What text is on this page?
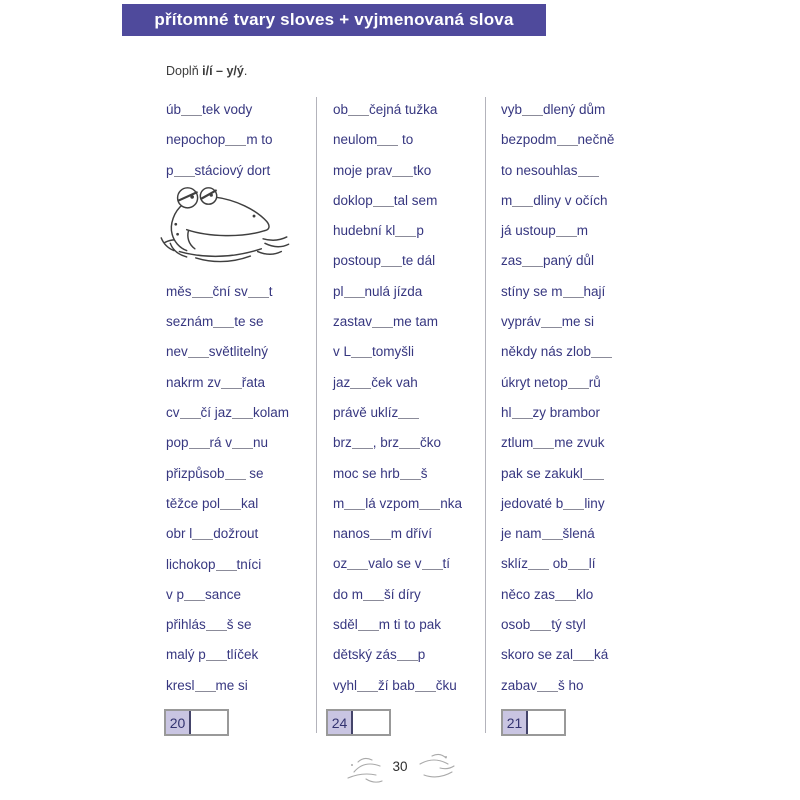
přítomné tvary sloves + vyjmenovaná slova
Doplň i/í – y/ý.
úb tek vody
nepochop m to
p stáciový dort
měs ční sv t
seznám te se
nev světlitelný
nakrm zv řata
cv čí jaz kolam
pop rá v nu
přizpůsob se
těžce pol kal
obr l dožrout
lichokop tníci
v p sance
přihlás š se
malý p tlíček
kresl me si
ob čejná tužka
neulom to
moje prav tko
doklop tal sem
hudební kl p
postoup te dál
pl nulá jízda
zastav me tam
v L tomyšli
jaz ček vah
právě uklíz
brz , brz čko
moc se hrb š
m lá vzpom nka
nanos m dříví
oz valo se v tí
do m ší díry
sděl m ti to pak
dětský zás p
vyhl ží bab čku
vyb dlený dům
bezpodm nečně
to nesouhlas
m dliny v očích
já ustoup m
zas paný důl
stíny se m hají
vypráv me si
někdy nás zlob
úkryt netop rů
hl zy brambor
ztlum me zvuk
pak se zakukl
jedovaté b liny
je nam šlená
sklíz ob lí
něco zas klo
osob tý styl
skoro se zal ká
zabav š ho
20	24	21
30
